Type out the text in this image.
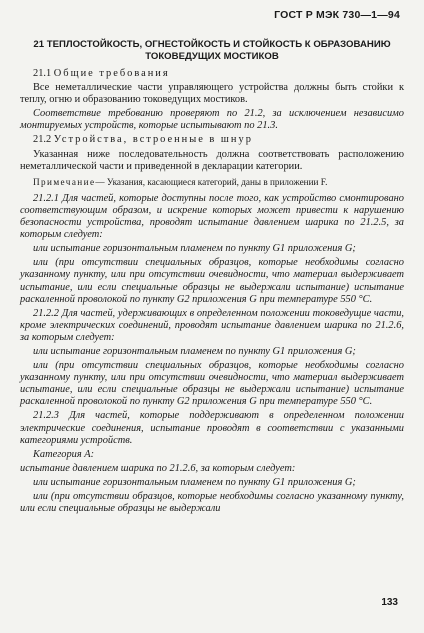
ГОСТ Р МЭК 730—1—94
21 ТЕПЛОСТОЙКОСТЬ, ОГНЕСТОЙКОСТЬ И СТОЙКОСТЬ К ОБРАЗОВАНИЮ ТОКОВЕДУЩИХ МОСТИКОВ

21.1 Общие требования

Все неметаллические части управляющего устройства должны быть стойки к теплу, огню и образованию токоведущих мостиков.

Соответствие требованию проверяют по 21.2, за исключением независимо монтируемых устройств, которые испытывают по 21.3.

21.2 Устройства, встроенные в шнур

Указанная ниже последовательность должна соответствовать расположению неметаллической части и приведенной в декларации категории.

Примечание— Указания, касающиеся категорий, даны в приложении F.

21.2.1 Для частей, которые доступны после того, как устройство смонтировано соответствующим образом, и искрение которых может привести к нарушению безопасности устройства, проводят испытание давлением шарика по 21.2.5, за которым следует:

или испытание горизонтальным пламенем по пункту G1 приложения G;

или (при отсутствии специальных образцов, которые необходимы согласно указанному пункту, или при отсутствии очевидности, что материал выдерживает испытание, или если специальные образцы не выдержали испытание) испытание раскаленной проволокой по пункту G2 приложения G при температуре 550 °C.

21.2.2 Для частей, удерживающих в определенном положении токоведущие части, кроме электрических соединений, проводят испытание давлением шарика по 21.2.6, за которым следует:

или испытание горизонтальным пламенем по пункту G1 приложения G;

или (при отсутствии специальных образцов, которые необходимы согласно указанному пункту, или при отсутствии очевидности, что материал выдерживает испытание, или если специальные образцы не выдержали испытание) испытание раскаленной проволокой по пункту G2 приложения G при температуре 550 °C.

21.2.3 Для частей, которые поддерживают в определенном положении электрические соединения, испытание проводят в соответствии с указанными категориями устройств.

Категория A:

испытание давлением шарика по 21.2.6, за которым следует:

или испытание горизонтальным пламенем по пункту G1 приложения G;

или (при отсутствии образцов, которые необходимы согласно указанному пункту, или если специальные образцы не выдержали

133
